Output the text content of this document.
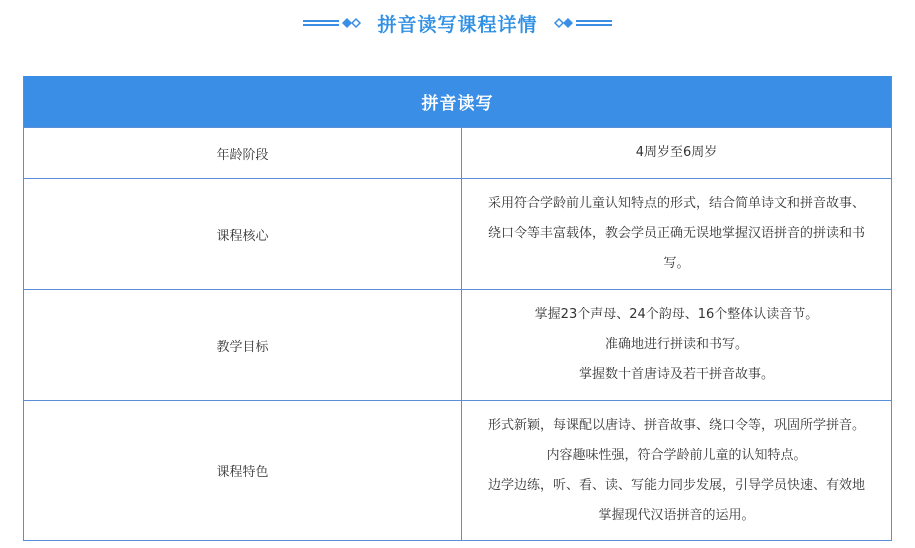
拼音读写课程详情
拼音读写
年龄阶段	4周岁至6周岁
课程核心
采用符合学龄前儿童认知特点的形式，结合简单诗文和拼音故事、
绕口令等丰富载体，教会学员正确无误地掌握汉语拼音的拼读和书
写。
教学目标
掌握23个声母、24个韵母、16个整体认读音节。
准确地进行拼读和书写。
掌握数十首唐诗及若干拼音故事。
课程特色
形式新颖，每课配以唐诗、拼音故事、绕口令等，巩固所学拼音。
内容趣味性强，符合学龄前儿童的认知特点。
边学边练，听、看、读、写能力同步发展，引导学员快速、有效地
掌握现代汉语拼音的运用。
